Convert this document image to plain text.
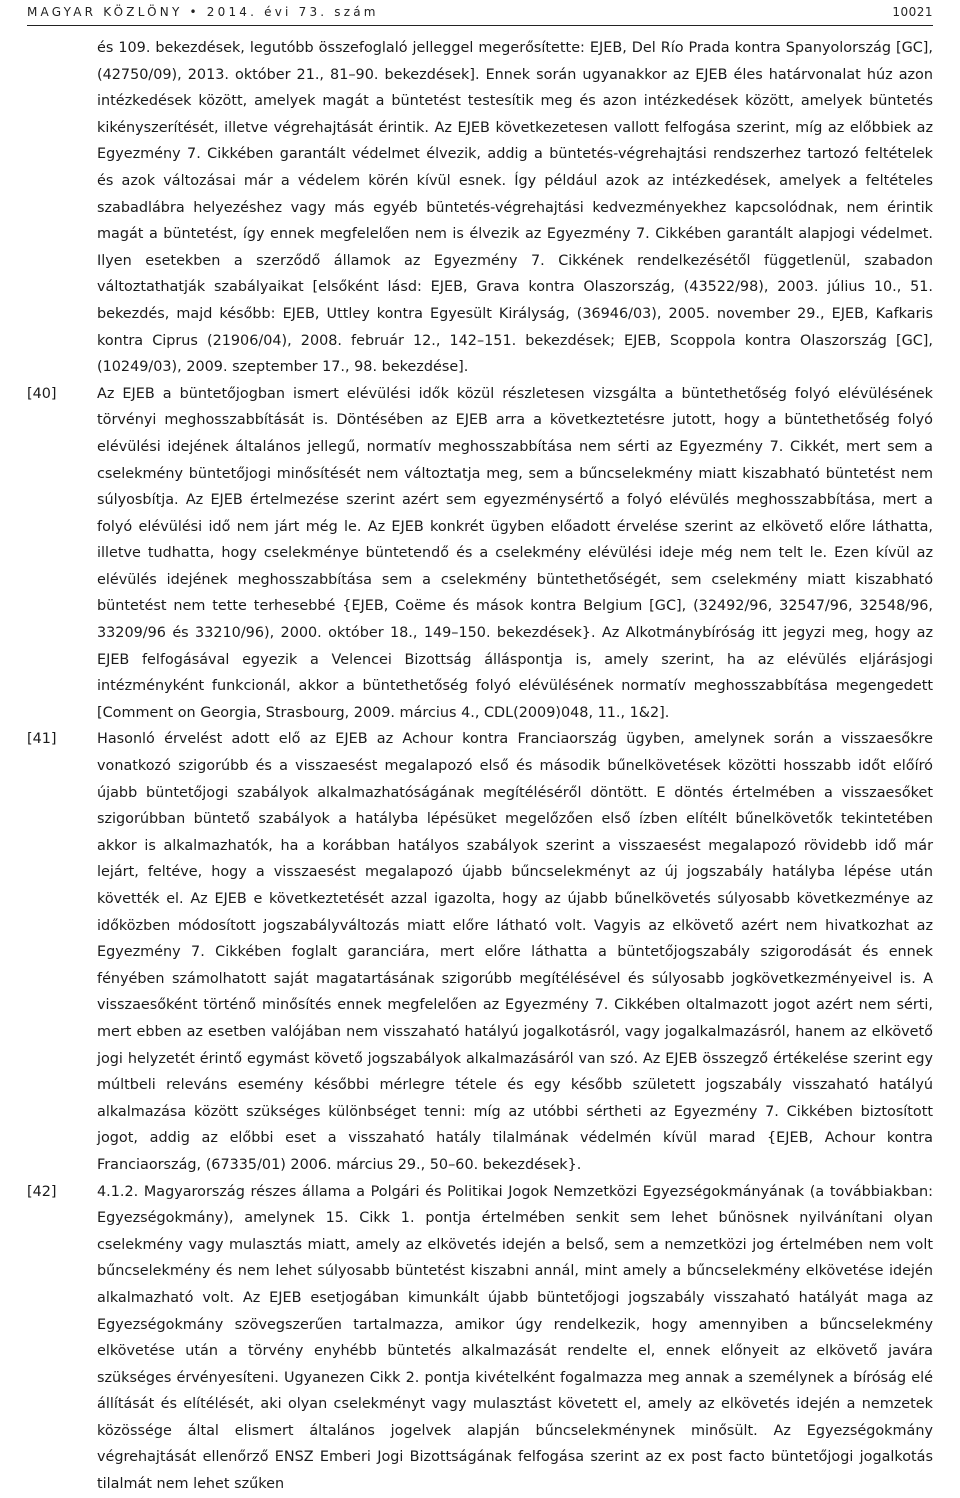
MAGYAR KÖZLÖNY • 2014. évi 73. szám	10021

és 109. bekezdések, legutóbb összefoglaló jelleggel megerősítette: EJEB, Del Río Prada kontra Spanyolország [GC], (42750/09), 2013. október 21., 81–90. bekezdések]. Ennek során ugyanakkor az EJEB éles határvonalat húz azon intézkedések között, amelyek magát a büntetést testesítik meg és azon intézkedések között, amelyek büntetés kikényszerítését, illetve végrehajtását érintik. Az EJEB következetesen vallott felfogása szerint, míg az előbbiek az Egyezmény 7. Cikkében garantált védelmet élvezik, addig a büntetés-végrehajtási rendszerhez tartozó feltételek és azok változásai már a védelem körén kívül esnek. Így például azok az intézkedések, amelyek a feltételes szabadlábra helyezéshez vagy más egyéb büntetés-végrehajtási kedvezményekhez kapcsolódnak, nem érintik magát a büntetést, így ennek megfelelően nem is élvezik az Egyezmény 7. Cikkében garantált alapjogi védelmet. Ilyen esetekben a szerződő államok az Egyezmény 7. Cikkének rendelkezésétől függetlenül, szabadon változtathatják szabályaikat [elsőként lásd: EJEB, Grava kontra Olaszország, (43522/98), 2003. július 10., 51. bekezdés, majd később: EJEB, Uttley kontra Egyesült Királyság, (36946/03), 2005. november 29., EJEB, Kafkaris kontra Ciprus (21906/04), 2008. február 12., 142–151. bekezdések; EJEB, Scoppola kontra Olaszország [GC], (10249/03), 2009. szeptember 17., 98. bekezdése].

[40]	Az EJEB a büntetőjogban ismert elévülési idők közül részletesen vizsgálta a büntethetőség folyó elévülésének törvényi meghosszabbítását is. Döntésében az EJEB arra a következtetésre jutott, hogy a büntethetőség folyó elévülési idejének általános jellegű, normatív meghosszabbítása nem sérti az Egyezmény 7. Cikkét, mert sem a cselekmény büntetőjogi minősítését nem változtatja meg, sem a bűncselekmény miatt kiszabható büntetést nem súlyosbítja. Az EJEB értelmezése szerint azért sem egyezménysértő a folyó elévülés meghosszabbítása, mert a folyó elévülési idő nem járt még le. Az EJEB konkrét ügyben előadott érvelése szerint az elkövető előre láthatta, illetve tudhatta, hogy cselekménye büntetendő és a cselekmény elévülési ideje még nem telt le. Ezen kívül az elévülés idejének meghosszabbítása sem a cselekmény büntethetőségét, sem cselekmény miatt kiszabható büntetést nem tette terhesebbé {EJEB, Coëme és mások kontra Belgium [GC], (32492/96, 32547/96, 32548/96, 33209/96 és 33210/96), 2000. október 18., 149–150. bekezdések}. Az Alkotmánybíróság itt jegyzi meg, hogy az EJEB felfogásával egyezik a Velencei Bizottság álláspontja is, amely szerint, ha az elévülés eljárásjogi intézményként funkcionál, akkor a büntethetőség folyó elévülésének normatív meghosszabbítása megengedett [Comment on Georgia, Strasbourg, 2009. március 4., CDL(2009)048, 11., 1&2].

[41]	Hasonló érvelést adott elő az EJEB az Achour kontra Franciaország ügyben, amelynek során a visszaesőkre vonatkozó szigorúbb és a visszaesést megalapozó első és második bűnelkövetések közötti hosszabb időt előíró újabb büntetőjogi szabályok alkalmazhatóságának megítéléséről döntött. E döntés értelmében a visszaesőket szigorúbban büntető szabályok a hatályba lépésüket megelőzően első ízben elítélt bűnelkövetők tekintetében akkor is alkalmazhatók, ha a korábban hatályos szabályok szerint a visszaesést megalapozó rövidebb idő már lejárt, feltéve, hogy a visszaesést megalapozó újabb bűncselekményt az új jogszabály hatályba lépése után követték el. Az EJEB e következtetését azzal igazolta, hogy az újabb bűnelkövetés súlyosabb következménye az időközben módosított jogszabályváltozás miatt előre látható volt. Vagyis az elkövető azért nem hivatkozhat az Egyezmény 7. Cikkében foglalt garanciára, mert előre láthatta a büntetőjogszabály szigorodását és ennek fényében számolhatott saját magatartásának szigorúbb megítélésével és súlyosabb jogkövetkezményeivel is. A visszaesőként történő minősítés ennek megfelelően az Egyezmény 7. Cikkében oltalmazott jogot azért nem sérti, mert ebben az esetben valójában nem visszaható hatályú jogalkotásról, vagy jogalkalmazásról, hanem az elkövető jogi helyzetét érintő egymást követő jogszabályok alkalmazásáról van szó. Az EJEB összegző értékelése szerint egy múltbeli releváns esemény későbbi mérlegre tétele és egy később született jogszabály visszaható hatályú alkalmazása között szükséges különbséget tenni: míg az utóbbi sértheti az Egyezmény 7. Cikkében biztosított jogot, addig az előbbi eset a visszaható hatály tilalmának védelmén kívül marad {EJEB, Achour kontra Franciaország, (67335/01) 2006. március 29., 50–60. bekezdések}.

[42]	4.1.2. Magyarország részes állama a Polgári és Politikai Jogok Nemzetközi Egyezségokmányának (a továbbiakban: Egyezségokmány), amelynek 15. Cikk 1. pontja értelmében senkit sem lehet bűnösnek nyilvánítani olyan cselekmény vagy mulasztás miatt, amely az elkövetés idején a belső, sem a nemzetközi jog értelmében nem volt bűncselekmény és nem lehet súlyosabb büntetést kiszabni annál, mint amely a bűncselekmény elkövetése idején alkalmazható volt. Az EJEB esetjogában kimunkált újabb büntetőjogi jogszabály visszaható hatályát maga az Egyezségokmány szövegszerűen tartalmazza, amikor úgy rendelkezik, hogy amennyiben a bűncselekmény elkövetése után a törvény enyhébb büntetés alkalmazását rendelte el, ennek előnyeit az elkövető javára szükséges érvényesíteni. Ugyanezen Cikk 2. pontja kivételként fogalmazza meg annak a személynek a bíróság elé állítását és elítélését, aki olyan cselekményt vagy mulasztást követett el, amely az elkövetés idején a nemzetek közössége által elismert általános jogelvek alapján bűncselekménynek minősült. Az Egyezségokmány végrehajtását ellenőrző ENSZ Emberi Jogi Bizottságának felfogása szerint az ex post facto büntetőjogi jogalkotás tilalmát nem lehet szűken
